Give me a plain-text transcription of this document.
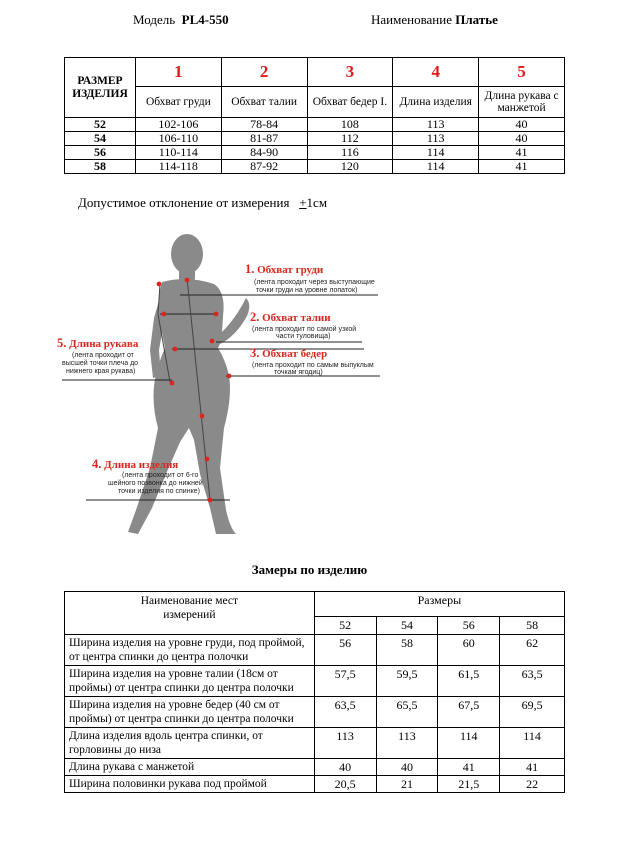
Модель PL4-550	Наименование Платье
РАЗМЕР ИЗДЕЛИЯ	1	2	3	4	5
	Обхват груди	Обхват талии	Обхват бедер I.	Длина изделия	Длина рукава с манжетой
52	102-106	78-84	108	113	40
54	106-110	81-87	112	113	40
56	110-114	84-90	116	114	41
58	114-118	87-92	120	114	41
Допустимое отклонение от измерения +1см
1. Обхват груди
(лента проходит через выступающие
точки груди на уровне лопаток)
2. Обхват талии
(лента проходит по самой узкой
части туловища)
3. Обхват бедер
(лента проходит по самым выпуклым
точкам ягодиц)
4. Длина изделия
(лента проходит от 6-го
шейного позвонка до нижней
точки изделия по спинке)
5. Длина рукава
(лента проходит от
высшей точки плеча до
нижнего края рукава)
Замеры по изделию
Наименование мест измерений	Размеры			
	52	54	56	58
Ширина изделия на уровне груди, под проймой, от центра спинки до центра полочки	56	58	60	62
Ширина изделия на уровне талии (18см от проймы) от центра спинки до центра полочки	57,5	59,5	61,5	63,5
Ширина изделия на уровне бедер (40 см от проймы) от центра спинки до центра полочки	63,5	65,5	67,5	69,5
Длина изделия вдоль центра спинки, от горловины до низа	113	113	114	114
Длина рукава с манжетой	40	40	41	41
Ширина половинки рукава под проймой	20,5	21	21,5	22
